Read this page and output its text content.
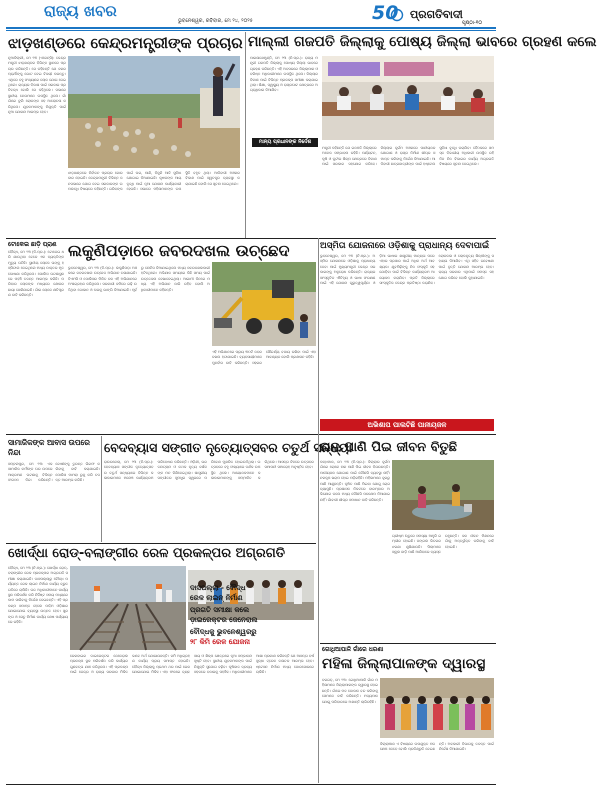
ରାଜ୍ୟ ଖବର
ଭୁବନେଶ୍ୱର, ରବିବାର, ମେ ୨୪, ୨୦୨୫	50 ପ୍ରଗତିବାଦୀ
ପୃଷ୍ଠା-୧୦
ଝାଡ଼ଖଣ୍ଡରେ କେନ୍ଦ୍ରମନ୍ତ୍ରୀଙ୍କ ପ୍ରଚାର ମାଲ୍ଲୀ ଗଜପତି ଜିଲ୍ଲାକୁ ପୋଷ୍ୟ ଜିଲ୍ଲା ଭାବରେ ଗ୍ରହଣ କଲେ
ନୂଆଦିଲ୍ଲୀ, ମେ ୨୩ (ଏଜେନ୍ସି): କେନ୍ଦ୍ରମନ୍ତ୍ରୀ ଝାଡ଼ଖଣ୍ଡର ବିଭିନ୍ନ ସ୍ଥାନରେ ପ୍ରଚାର କରିଛନ୍ତି। ସେ କହିଛନ୍ତି ଯେ ଦଳର ପ୍ରାର୍ଥୀଙ୍କୁ ଭୋଟ ଦେଇ ବିଜୟୀ କରନ୍ତୁ। ଏଥିରେ ବହୁ ସଂଖ୍ୟାରେ ଲୋକ ଯୋଗ ଦେଇଥିଲେ। ରାଜ୍ୟର ବିକାଶ ପାଇଁ ସରକାର ପ୍ରତିବଦ୍ଧ ବୋଲି ସେ କହିଥିଲେ। ସଭାରେ ସ୍ଥାନୀୟ ନେତାମାନେ ଉପସ୍ଥିତ ଥିଲେ। ଗାଁ ଗାଁରେ ବୁଲି ଲୋକଙ୍କ ସହ ଆଲୋଚନା କରିଥିଲେ। ଯୁବକମାନଙ୍କୁ ନିଯୁକ୍ତି ପାଇଁ ନୂଆ ଯୋଜନା ଆରମ୍ଭ ହେବ।
ଝାଡ଼ଖଣ୍ଡରେ ନିର୍ବାଚନ ପ୍ରଚାର ଜୋରଦାର ହୋଇଛି। କେନ୍ଦ୍ରମନ୍ତ୍ରୀ ବିଭିନ୍ନ ଜନସଭାରେ ଯୋଗ ଦେଇ ସରକାରଙ୍କ ଉପଲବ୍ଧି ବିଷୟରେ କହିଛନ୍ତି। ଗରିବଙ୍କ ପାଇଁ ଘର, ପାଣି, ବିଜୁଳି ଆଦି ସୁବିଧା ଯୋଗାଇ ଦିଆଯାଇଛି। କୃଷକଙ୍କ ଆୟ ବୃଦ୍ଧି ପାଇଁ ନୂଆ ଯୋଜନା କାର୍ଯ୍ୟକାରୀ ହେଉଛି। ସଭାରେ ମହିଳାମାନଙ୍କ ଉପସ୍ଥିତି ବହୁତ ଥିଲା। ଆଦିବାସୀ ଅଞ୍ଚଳର ବିକାଶ ପାଇଁ ସ୍ୱତନ୍ତ୍ର ବ୍ୟବସ୍ଥା କରାଯାଇଛି ବୋଲି ସେ ସୂଚନା ଦେଇଥିଲେ।
ପାରଳାଖେମୁଣ୍ଡି, ମେ ୨୩ (ନି.ପ୍ର.): ରାଜ୍ୟ ମନ୍ତ୍ରୀ ଗଜପତି ଜିଲ୍ଲାକୁ ପୋଷ୍ୟ ଜିଲ୍ଲା ଭାବରେ ଗ୍ରହଣ କରିଛନ୍ତି। ଏହି ଅବସରରେ ଜିଲ୍ଲାପାଳ ଓ ବରିଷ୍ଠ ଅଧିକାରୀମାନେ ଉପସ୍ଥିତ ଥିଲେ। ଜିଲ୍ଲାର ବିକାଶ ପାଇଁ ବିଭିନ୍ନ ପ୍ରକଳ୍ପ ସମୀକ୍ଷା କରାଯାଇଥିଲା। ଶିକ୍ଷା, ସ୍ୱାସ୍ଥ୍ୟ ଓ ରାସ୍ତାଘାଟ କ୍ଷେତ୍ରରେ ଅଗ୍ରାଧିକାର ଦିଆଯିବ।
ମାନ୍ୟ ପ୍ରଧାନଙ୍କ ନିର୍ଦ୍ଦେଶ
ମନ୍ତ୍ରୀ କହିଛନ୍ତି ଯେ ଗଜପତି ଜିଲ୍ଲାରେ ଅନେକ ସମ୍ଭାବନା ରହିଛି। ପର୍ଯ୍ୟଟନ, କୃଷି ଓ କୁଟୀର ଶିଳ୍ପ କ୍ଷେତ୍ରରେ ବିକାଶ ପାଇଁ ସରକାର ସହଯୋଗ କରିବେ। ଜିଲ୍ଲାର ଦୂର୍ଗମ ଅଞ୍ଚଳରେ ପାନୀୟଜଳ ଯୋଗାଣ ଓ ରାସ୍ତା ନିର୍ମାଣ ଶୀଘ୍ର ସମାପ୍ତ କରିବାକୁ ନିର୍ଦ୍ଦେଶ ଦିଆଯାଇଛି। ଆଦିବାସୀ ଛାତ୍ରଛାତ୍ରୀଙ୍କ ପାଇଁ ହଷ୍ଟେଲ ସୁବିଧା ବୃଦ୍ଧି କରାଯିବ। ବୈଠକରେ ସମସ୍ତ ବିଭାଗୀୟ ଅଧିକାରୀ ଉପସ୍ଥିତ ରହି ନିଜ ନିଜ ବିଭାଗର କାର୍ଯ୍ୟ ଅଗ୍ରଗତି ବିଷୟରେ ସୂଚନା ଦେଇଥିଲେ।
ଟୋକେଇ ଛାଡ଼ି ପ୍ରାଣ
ବୌଦ୍ଧ, ମେ ୨୩ (ନି.ପ୍ର.): ଟୋକେଇ ଧରି ଯାଉଥିବା ବେଳେ ଏକ ବ୍ୟକ୍ତିଙ୍କ ମୃତ୍ୟୁ ଘଟିଛି। ସ୍ଥାନୀୟ ଲୋକେ ତାଙ୍କୁ ହସ୍ପିଟାଲ ନେଇଥିଲେ ମଧ୍ୟ ଡାକ୍ତର ମୃତ ଘୋଷଣା କରିଥିଲେ। ପୋଲିସ ଘଟଣାସ୍ଥଳରେ ପହଞ୍ଚି ତଦନ୍ତ ଆରମ୍ଭ କରିଛି। ପରିବାର ଲୋକଙ୍କ ମଧ୍ୟରେ ଶୋକର ଛାୟା ଖେଳିଯାଇଛି। ଗାଁର ଲୋକେ କ୍ଷତିପୂରଣ ଦାବି କରିଛନ୍ତି।
ଲକୁଣିପଡ଼ାରେ ଜବରଦଖଲ ଉଚ୍ଛେଦ
ଭୁବନେଶ୍ୱର, ମେ ୨୩ (ନି.ପ୍ର.): ଲକୁଣିପଡ଼ା ଅଞ୍ଚଳରେ ଜବରଦଖଲ ଉଚ୍ଛେଦ ଅଭିଯାନ ଚଳାଯାଇଛି। ବିଏମସି ଓ ପୋଲିସର ମିଳିତ ଦଳ ଏହି ଅଭିଯାନରେ ଅଂଶଗ୍ରହଣ କରିଥିଲେ। ସରକାରୀ ଜମିରେ ଗଢ଼ି ଉଠିଥିବା ଦୋକାନ ଓ ଘରକୁ ଭାଙ୍ଗି ଦିଆଯାଇଛି। ପୂର୍ବରୁ ନୋଟିସ ଦିଆଯାଇଥିଲେ ମଧ୍ୟ ଜବରଦଖଲକାରୀ ହଟିନଥିଲେ। ଅଭିଯାନ ସମୟରେ କିଛି ସମୟ ପାଇଁ ଉତ୍ତେଜନା ଦେଖାଦେଇଥିଲା। ଆଗାମୀ ଦିନରେ ମଧ୍ୟ ଏହି ଅଭିଯାନ ଜାରି ରହିବ ବୋଲି ଅଧିକାରୀମାନେ କହିଛନ୍ତି।
ଏହି ଅଭିଯାନରେ ପ୍ରାୟ ୩୦ଟି ଜବରଦଖଲ ହଟାଯାଇଛି। ବ୍ୟବସାୟୀମାନେ ପୁନର୍ବାସ ଦାବି କରିଛନ୍ତି। ସହରର ସୌନ୍ଦର୍ଯ୍ୟ ବଜାୟ ରଖିବା ପାଇଁ ଏହା ଆବଶ୍ୟକ ବୋଲି ପ୍ରଶାସନ କହିଛି।
ଅସ୍ମିତା ଯୋଜନାରେ ଓଡ଼ିଶାକୁ ପ୍ରାଧାନ୍ୟ ଦେବାପାଇଁ
ଭୁବନେଶ୍ୱର, ମେ ୨୩ (ନି.ପ୍ର.): ଅସ୍ମିତା ଯୋଜନାରେ ଓଡ଼ିଶାକୁ ପ୍ରାଧାନ୍ୟ ଦେବା ପାଇଁ ମୁଖ୍ୟମନ୍ତ୍ରୀ କେନ୍ଦ୍ର ସରକାରଙ୍କୁ ଅନୁରୋଧ କରିଛନ୍ତି। ରାଜ୍ୟର ସାଂସ୍କୃତିକ ଐତିହ୍ୟ ଓ ଭାଷା ସଂରକ୍ଷଣ ପାଇଁ ଏହି ଯୋଜନା ଗୁରୁତ୍ୱପୂର୍ଣ୍ଣ। ଓଡ଼ିଆ ଭାଷାର ଶାସ୍ତ୍ରୀୟ ମାନ୍ୟତା ପରେ ଏହାର ପ୍ରସାର ପାଇଁ ଅଧିକ ଅର୍ଥ ଆବଶ୍ୟକ। ଯୁବପିଢ଼ିଙ୍କୁ ନିଜ ସଂସ୍କୃତି ସହ ଯୋଡ଼ିବା ପାଇଁ ବିଭିନ୍ନ କାର୍ଯ୍ୟକ୍ରମ ଆୟୋଜନ କରାଯିବ। ପ୍ରତି ଜିଲ୍ଲାରେ ସାଂସ୍କୃତିକ କେନ୍ଦ୍ର ପ୍ରତିଷ୍ଠା କରାଯିବ। ଲୋକକଳା ଓ ଲୋକନୃତ୍ୟ ଶିଳ୍ପୀଙ୍କୁ ସହାୟତା ଦିଆଯିବ। ଏଥି ସହିତ ଗବେଷଣା ପାଇଁ ବୃତ୍ତି ଯୋଜନା ଆରମ୍ଭ ହେବ। ରାଜ୍ୟ ସରକାର ଏଥିପାଇଁ ସମସ୍ତ ସହଯୋଗ କରିବେ ବୋଲି କୁହାଯାଇଛି।
ଅଭିଶାପ ପାଲଟିଛି ପାନୀୟଜଳ
ସାମାଜିକଙ୍କ ଆବାସ ଉପରେ ନିନ୍ଦା
ସମ୍ବଲପୁର, ମେ ୨୩: ଏକ ସାମାଜିକ କର୍ମୀଙ୍କ ଘର ଉପରେ ଆକ୍ରମଣ ଘଟଣାକୁ ବିଭିନ୍ନ ସଂଗଠନ ନିନ୍ଦା କରିଛନ୍ତି। ଦୋଷୀଙ୍କୁ ତୁରନ୍ତ ଗିରଫ କରିବାକୁ ଦାବି କରାଯାଇଛି। ପୋଲିସ ମାମଲା ରୁଜୁ କରି ତଦନ୍ତ ଆରମ୍ଭ କରିଛି।
ବେଦବ୍ୟାସ ସଙ୍ଗୀତ ନୃତ୍ୟୋତ୍ସବର ଚତୁର୍ଥ ସନ୍ଧ୍ୟା
ରାଉରକେଲା, ମେ ୨୩ (ନି.ପ୍ର.): ବେଦବ୍ୟାସ ସଙ୍ଗୀତ ନୃତ୍ୟୋତ୍ସବର ଚତୁର୍ଥ ସନ୍ଧ୍ୟାରେ ବିଭିନ୍ନ କଳାକାରମାନେ ମନୋଜ୍ଞ କାର୍ଯ୍ୟକ୍ରମ ପରିବେଷଣ କରିଛନ୍ତି। ଓଡ଼ିଶୀ, ଭରତନାଟ୍ୟମ ଓ କଥକ ନୃତ୍ୟ ଦର୍ଶକଙ୍କ ମନ ଜିଣିନେଇଥିଲା। ଶାସ୍ତ୍ରୀୟ ସଙ୍ଗୀତର ସୁମଧୁର ସ୍ୱରରେ ପରିବେଶ ମୁଖରିତ ହୋଇଉଠିଥିଲା। ଉତ୍ସବରେ ବହୁ ସଂଖ୍ୟାରେ ଦର୍ଶକ ଉପସ୍ଥିତ ଥିଲେ। ଆୟୋଜକମାନେ କଳାକାରମାନଙ୍କୁ ସମ୍ମାନିତ କରିଥିଲେ। ଆସନ୍ତା ଦିନରେ ଉତ୍ସବର ସମାପନୀ ସମାରୋହ ଅନୁଷ୍ଠିତ ହେବ।
ନାଳ ପାଣି ପିଇ ଜୀବନ ବିତୁଛି
କନ୍ଧମାଳ, ମେ ୨୩ (ନି.ପ୍ର.): ଜିଲ୍ଲାର ଦୂର୍ଗମ ଗାଁରେ ଲୋକେ ନାଳ ପାଣି ପିଇ ଜୀବନ ବିତାଉଛନ୍ତି। ପାନୀୟଜଳ ଯୋଗାଣ ପାଇଁ କୌଣସି ବ୍ୟବସ୍ଥା ନାହିଁ। ନଳକୂପ ଖରାପ ହୋଇ ପଡ଼ିରହିଛି। ମହିଳାମାନେ ଦୂରରୁ ପାଣି ଆଣୁଛନ୍ତି। ଦୂଷିତ ପାଣି ପିଇବା ଯୋଗୁ ରୋଗ ବ୍ୟାପୁଛି। ପ୍ରଶାସନ ନିକଟରେ ବାରମ୍ବାର ଅଭିଯୋଗ କଲେ ମଧ୍ୟ କୌଣସି ପଦକ୍ଷେପ ନିଆଯାଇନାହିଁ। ଗାଁବାସୀ ଶୀଘ୍ର ସମାଧାନ ଦାବି କରିଛନ୍ତି।
ଗ୍ରୀଷ୍ମ ଋତୁରେ ସମସ୍ୟା ଆହୁରି ଗମ୍ଭୀର ହୋଇଛି। ଜଙ୍ଗଲ ଭିତରର ଝରଣା ଶୁଖିଯାଉଛି। ପିଲାମାନେ ସ୍କୁଲ ଛାଡ଼ି ପାଣି ଆଣିବାରେ ବ୍ୟସ୍ତ ରହୁଛନ୍ତି। ଜଳ ଜୀବନ ମିଶନରେ ଗାଁକୁ ଅନ୍ତର୍ଭୁକ୍ତ କରିବାକୁ ଦାବି ହୋଇଛି।
ଖୋର୍ଦ୍ଧା ରୋଡ୍-ବଲାଙ୍ଗୀର ରେଳ ପ୍ରକଳ୍ପର ଅଗ୍ରଗତି
ବୌଦ୍ଧ, ମେ ୨୩ (ନି.ପ୍ର.): ଖୋର୍ଦ୍ଧା ରୋଡ୍-ବଲାଙ୍ଗୀର ରେଳ ପ୍ରକଳ୍ପର ଅଗ୍ରଗତି ସମୀକ୍ଷା କରାଯାଇଛି। ଦାସପଲ୍ଲାରୁ ବୌଦ୍ଧ ପର୍ଯ୍ୟନ୍ତ ରେଳ ଲାଇନ ନିର୍ମାଣ କାର୍ଯ୍ୟ ଦ୍ରୁତ ଗତିରେ ଚାଲିଛି। ଉଚ୍ଚ ଅଧିକାରୀମାନେ କାର୍ଯ୍ୟସ୍ଥଳ ପରିଦର୍ଶନ କରି ନିର୍ଦ୍ଦିଷ୍ଟ ସମୟ ମଧ୍ୟରେ କାମ ସାରିବାକୁ ନିର୍ଦ୍ଦେଶ ଦେଇଛନ୍ତି। ଏହି ପ୍ରକଳ୍ପ ସମାପ୍ତ ହେଲେ ପଶ୍ଚିମ ଓଡ଼ିଶାର ଯୋଗାଯୋଗ ବ୍ୟବସ୍ଥା ଉନ୍ନତ ହେବ। ସୁରଙ୍ଗ ଓ ସେତୁ ନିର୍ମାଣ କାର୍ଯ୍ୟ ଶେଷ ପର୍ଯ୍ୟାୟରେ ରହିଛି।
ଦାସପଲ୍ଲା - ବୌଦ୍ଧ
ରେଳ ଲାଇନ୍ ନିର୍ମାଣ
ପ୍ରଗତି ସମୀକ୍ଷା କଲେ
ଡ଼ାଇରେକ୍ଟର ଜେନେରାଲ
ବୌଦ୍ଧକୁ ଭୁବନେଶ୍ୱରରୁ
୨୮ କିମି ରେଳ ଯୋଜନା
ରେଳବାଇର ଡାଇରେକ୍ଟର ଜେନେରାଲ ପ୍ରକଳ୍ପ ସ୍ଥଳ ପରିଦର୍ଶନ କରି କାର୍ଯ୍ୟର ଗୁଣବତ୍ତା ଯାଞ୍ଚ କରିଥିଲେ। ଏହି ପ୍ରକଳ୍ପ ପାଇଁ କେନ୍ଦ୍ର ଓ ରାଜ୍ୟ ସରକାର ମିଳିତ ଭାବେ ଅର୍ଥ ଯୋଗାଉଛନ୍ତି। ଜମି ଅଧିଗ୍ରହଣ କାର୍ଯ୍ୟ ପ୍ରାୟ ସମାପ୍ତ ହୋଇଛି। ବୌଦ୍ଧ ଜିଲ୍ଲାକୁ ପ୍ରଥମ ଥର ପାଇଁ ରେଳ ଯୋଗାଯୋଗ ମିଳିବ। ଏହା ଫଳରେ ବ୍ୟବସାୟ ଓ ଶିଳ୍ପ କ୍ଷେତ୍ରରେ ନୂଆ ସମ୍ଭାବନା ସୃଷ୍ଟି ହେବ। ସ୍ଥାନୀୟ ଯୁବକମାନଙ୍କ ପାଇଁ ନିଯୁକ୍ତି ସୁଯୋଗ ବଢ଼ିବ। କୃଷିଜାତ ଦ୍ରବ୍ୟ ସହଜରେ ବଜାରକୁ ପହଞ୍ଚିବ। ଅଧିକାରୀମାନେ ଆଶା ପ୍ରକାଶ କରିଛନ୍ତି ଯେ ଆସନ୍ତା ବର୍ଷ ସୁଦ୍ଧା ଟ୍ରେନ ଚଳାଚଳ ଆରମ୍ଭ ହେବ। ଷ୍ଟେସନ ନିର୍ମାଣ ମଧ୍ୟ ଜୋରସୋରରେ ଚାଲିଛି।
ଗୋଧିଆପାଳି ଗାଁରେ ଧରଣା
ମହିଳା ଜିଲ୍ଲାପାଳଙ୍କ ଦ୍ୱାରସ୍ଥ
ବରଗଡ଼, ମେ ୨୩: ଗୋଧିଆପାଳି ଗାଁର ମହିଳାମାନେ ଜିଲ୍ଲାପାଳଙ୍କ ଦ୍ୱାରସ୍ଥ ହୋଇଛନ୍ତି। ଗାଁରେ ମଦ ଦୋକାନ ବନ୍ଦ କରିବାକୁ ସେମାନେ ଦାବି କରିଛନ୍ତି। ମଦ୍ୟପାନ ଯୋଗୁ ପରିବାରରେ ଅଶାନ୍ତି ଲାଗିରହିଛି।
ଜିଲ୍ଲାପାଳ ଏ ବିଷୟରେ ଉପଯୁକ୍ତ ପଦକ୍ଷେପ ନେବେ ବୋଲି ପ୍ରତିଶ୍ରୁତି ଦେଇଛନ୍ତି। ଅବକାରୀ ବିଭାଗକୁ ତଦନ୍ତ ପାଇଁ ନିର୍ଦ୍ଦେଶ ଦିଆଯାଇଛି।
